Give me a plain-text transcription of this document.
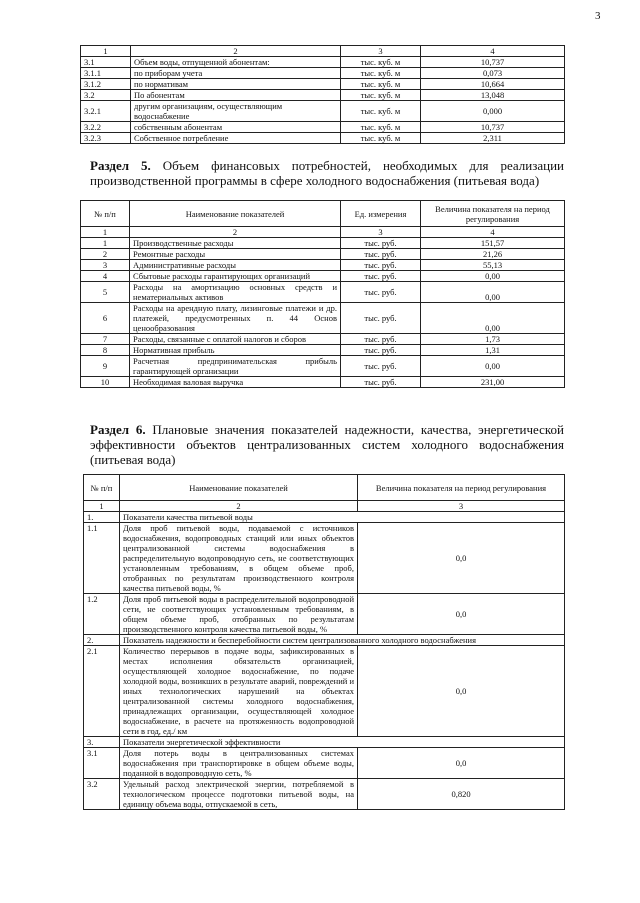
3
1	2	3	4
3.1	Объем воды, отпущенной абонентам:	тыс. куб. м	10,737
3.1.1	по приборам учета	тыс. куб. м	0,073
3.1.2	по нормативам	тыс. куб. м	10,664
3.2	По абонентам	тыс. куб. м	13,048
3.2.1	другим организациям, осуществляющим водоснабжение	тыс. куб. м	0,000
3.2.2	собственным абонентам	тыс. куб. м	10,737
3.2.3	Собственное потребление	тыс. куб. м	2,311
Раздел 5. Объем финансовых потребностей, необходимых для реализации производственной программы в сфере холодного водоснабжения (питьевая вода)
№ п/п	Наименование показателей	Ед. измерения	Величина показателя на период регулирования
1	2	3	4
1	Производственные расходы	тыс. руб.	151,57
2	Ремонтные расходы	тыс. руб.	21,26
3	Административные расходы	тыс. руб.	55,13
4	Сбытовые расходы гарантирующих организаций	тыс. руб.	0,00
5	Расходы на амортизацию основных средств и нематериальных активов	тыс. руб.	0,00
6	Расходы на арендную плату, лизинговые платежи и др. платежей, предусмотренных п. 44 Основ ценообразования	тыс. руб.	0,00
7	Расходы, связанные с оплатой налогов и сборов	тыс. руб.	1,73
8	Нормативная прибыль	тыс. руб.	1,31
9	Расчетная предпринимательская прибыль гарантирующей организации	тыс. руб.	0,00
10	Необходимая валовая выручка	тыс. руб.	231,00
Раздел 6. Плановые значения показателей надежности, качества, энергетической эффективности объектов централизованных систем холодного водоснабжения (питьевая вода)
№ п/п	Наименование показателей	Величина показателя на период регулирования
1	2	3
1.	Показатели качества питьевой воды	
1.1	Доля проб питьевой воды, подаваемой с источников водоснабжения, водопроводных станций или иных объектов централизованной системы водоснабжения в распределительную водопроводную сеть, не соответствующих установленным требованиям, в общем объеме проб, отобранных по результатам производственного контроля качества питьевой воды, %	0,0
1.2	Доля проб питьевой воды в распределительной водопроводной сети, не соответствующих установленным требованиям, в общем объеме проб, отобранных по результатам производственного контроля качества питьевой воды, %	0,0
2.	Показатель надежности и бесперебойности систем централизованного холодного водоснабжения	
2.1	Количество перерывов в подаче воды, зафиксированных в местах исполнения обязательств организацией, осуществляющей холодное водоснабжение, по подаче холодной воды, возникших в результате аварий, повреждений и иных технологических нарушений на объектах централизованной системы холодного водоснабжения, принадлежащих организации, осуществляющей холодное водоснабжение, в расчете на протяженность водопроводной сети в год, ед./ км	0,0
3.	Показатели энергетической эффективности	
3.1	Доля потерь воды в централизованных системах водоснабжения при транспортировке в общем объеме воды, поданной в водопроводную сеть, %	0,0
3.2	Удельный расход электрической энергии, потребляемой в технологическом процессе подготовки питьевой воды, на единицу объема воды, отпускаемой в сеть,	0,820
